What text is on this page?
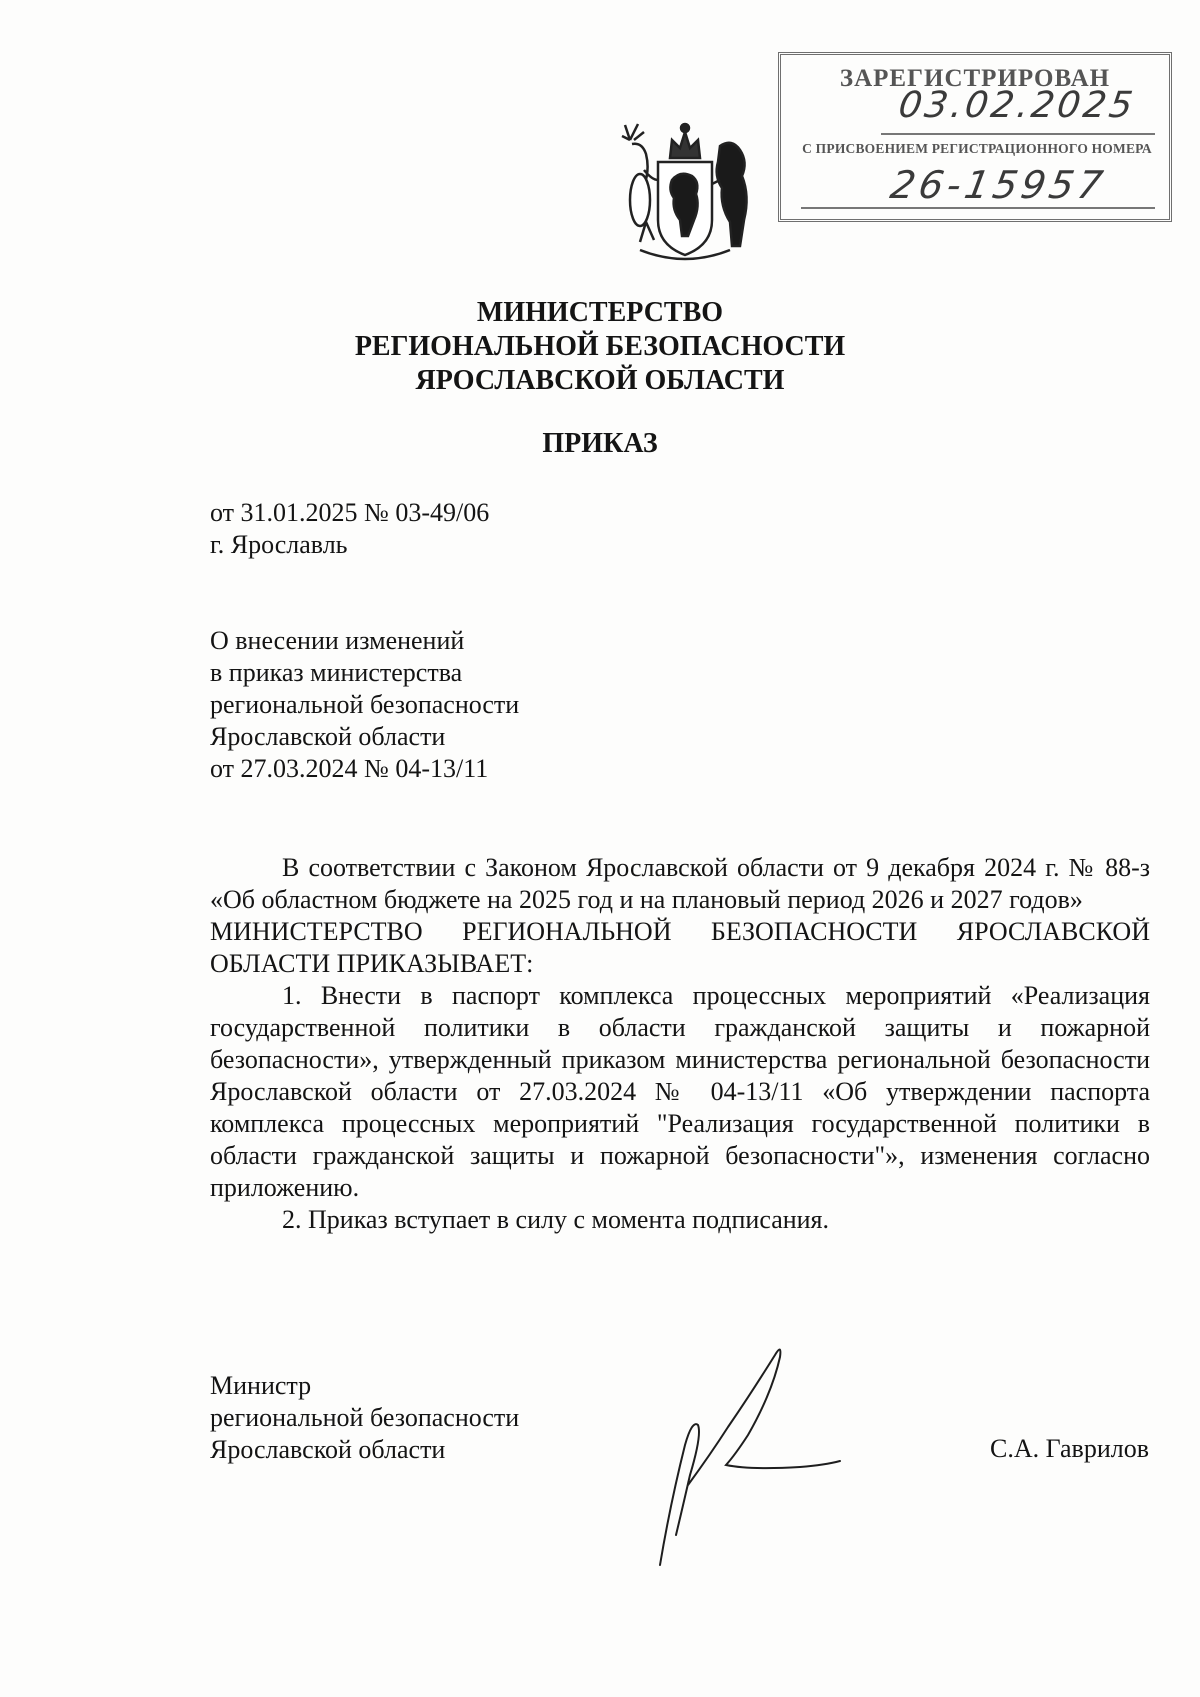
ЗАРЕГИСТРИРОВАН
03.02.2025
С ПРИСВОЕНИЕМ РЕГИСТРАЦИОННОГО НОМЕРА
26-15957
МИНИСТЕРСТВО
РЕГИОНАЛЬНОЙ БЕЗОПАСНОСТИ
ЯРОСЛАВСКОЙ ОБЛАСТИ
ПРИКАЗ
от 31.01.2025 № 03-49/06
г. Ярославль
О внесении изменений
в приказ министерства
региональной безопасности
Ярославской области
от 27.03.2024 № 04-13/11

В соответствии с Законом Ярославской области от 9 декабря 2024 г. № 88-з «Об областном бюджете на 2025 год и на плановый период 2026 и 2027 годов»

МИНИСТЕРСТВО РЕГИОНАЛЬНОЙ БЕЗОПАСНОСТИ ЯРОСЛАВСКОЙ ОБЛАСТИ ПРИКАЗЫВАЕТ:

1. Внести в паспорт комплекса процессных мероприятий «Реализация государственной политики в области гражданской защиты и пожарной безопасности», утвержденный приказом министерства региональной безопасности Ярославской области от 27.03.2024 № 04-13/11 «Об утверждении паспорта комплекса процессных мероприятий "Реализация государственной политики в области гражданской защиты и пожарной безопасности"», изменения согласно приложению.

2. Приказ вступает в силу с момента подписания.

Министр
региональной безопасности
Ярославской области	С.А. Гаврилов
